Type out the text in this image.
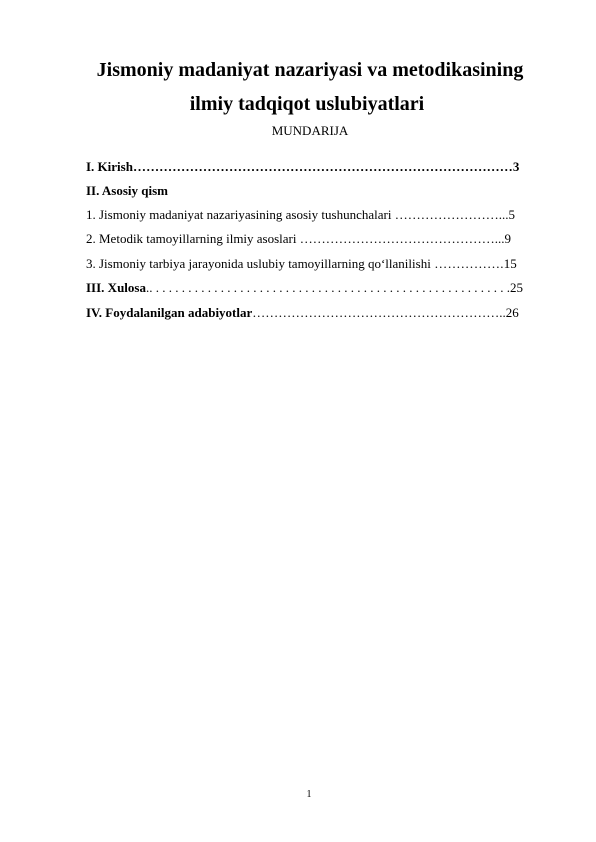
Jismoniy madaniyat nazariyasi va metodikasining
ilmiy tadqiqot uslubiyatlari
MUNDARIJA
I. Kirish……………………………………………………………………………3
II. Asosiy qism
1. Jismoniy madaniyat nazariyasining asosiy tushunchalari ……………………...5
2. Metodik tamoyillarning ilmiy asoslari ………………………………………...9
3. Jismoniy tarbiya jarayonida uslubiy tamoyillarning qo‘llanilishi …………….15
III. Xulosa.. . . . . . . . . . . . . . . . . . . . . . . . . . . . . . . . . . . . . . . . . . . . . . . . . . . . . . . .25
IV. Foydalanilgan adabiyotlar…………………………………………………..26
1
